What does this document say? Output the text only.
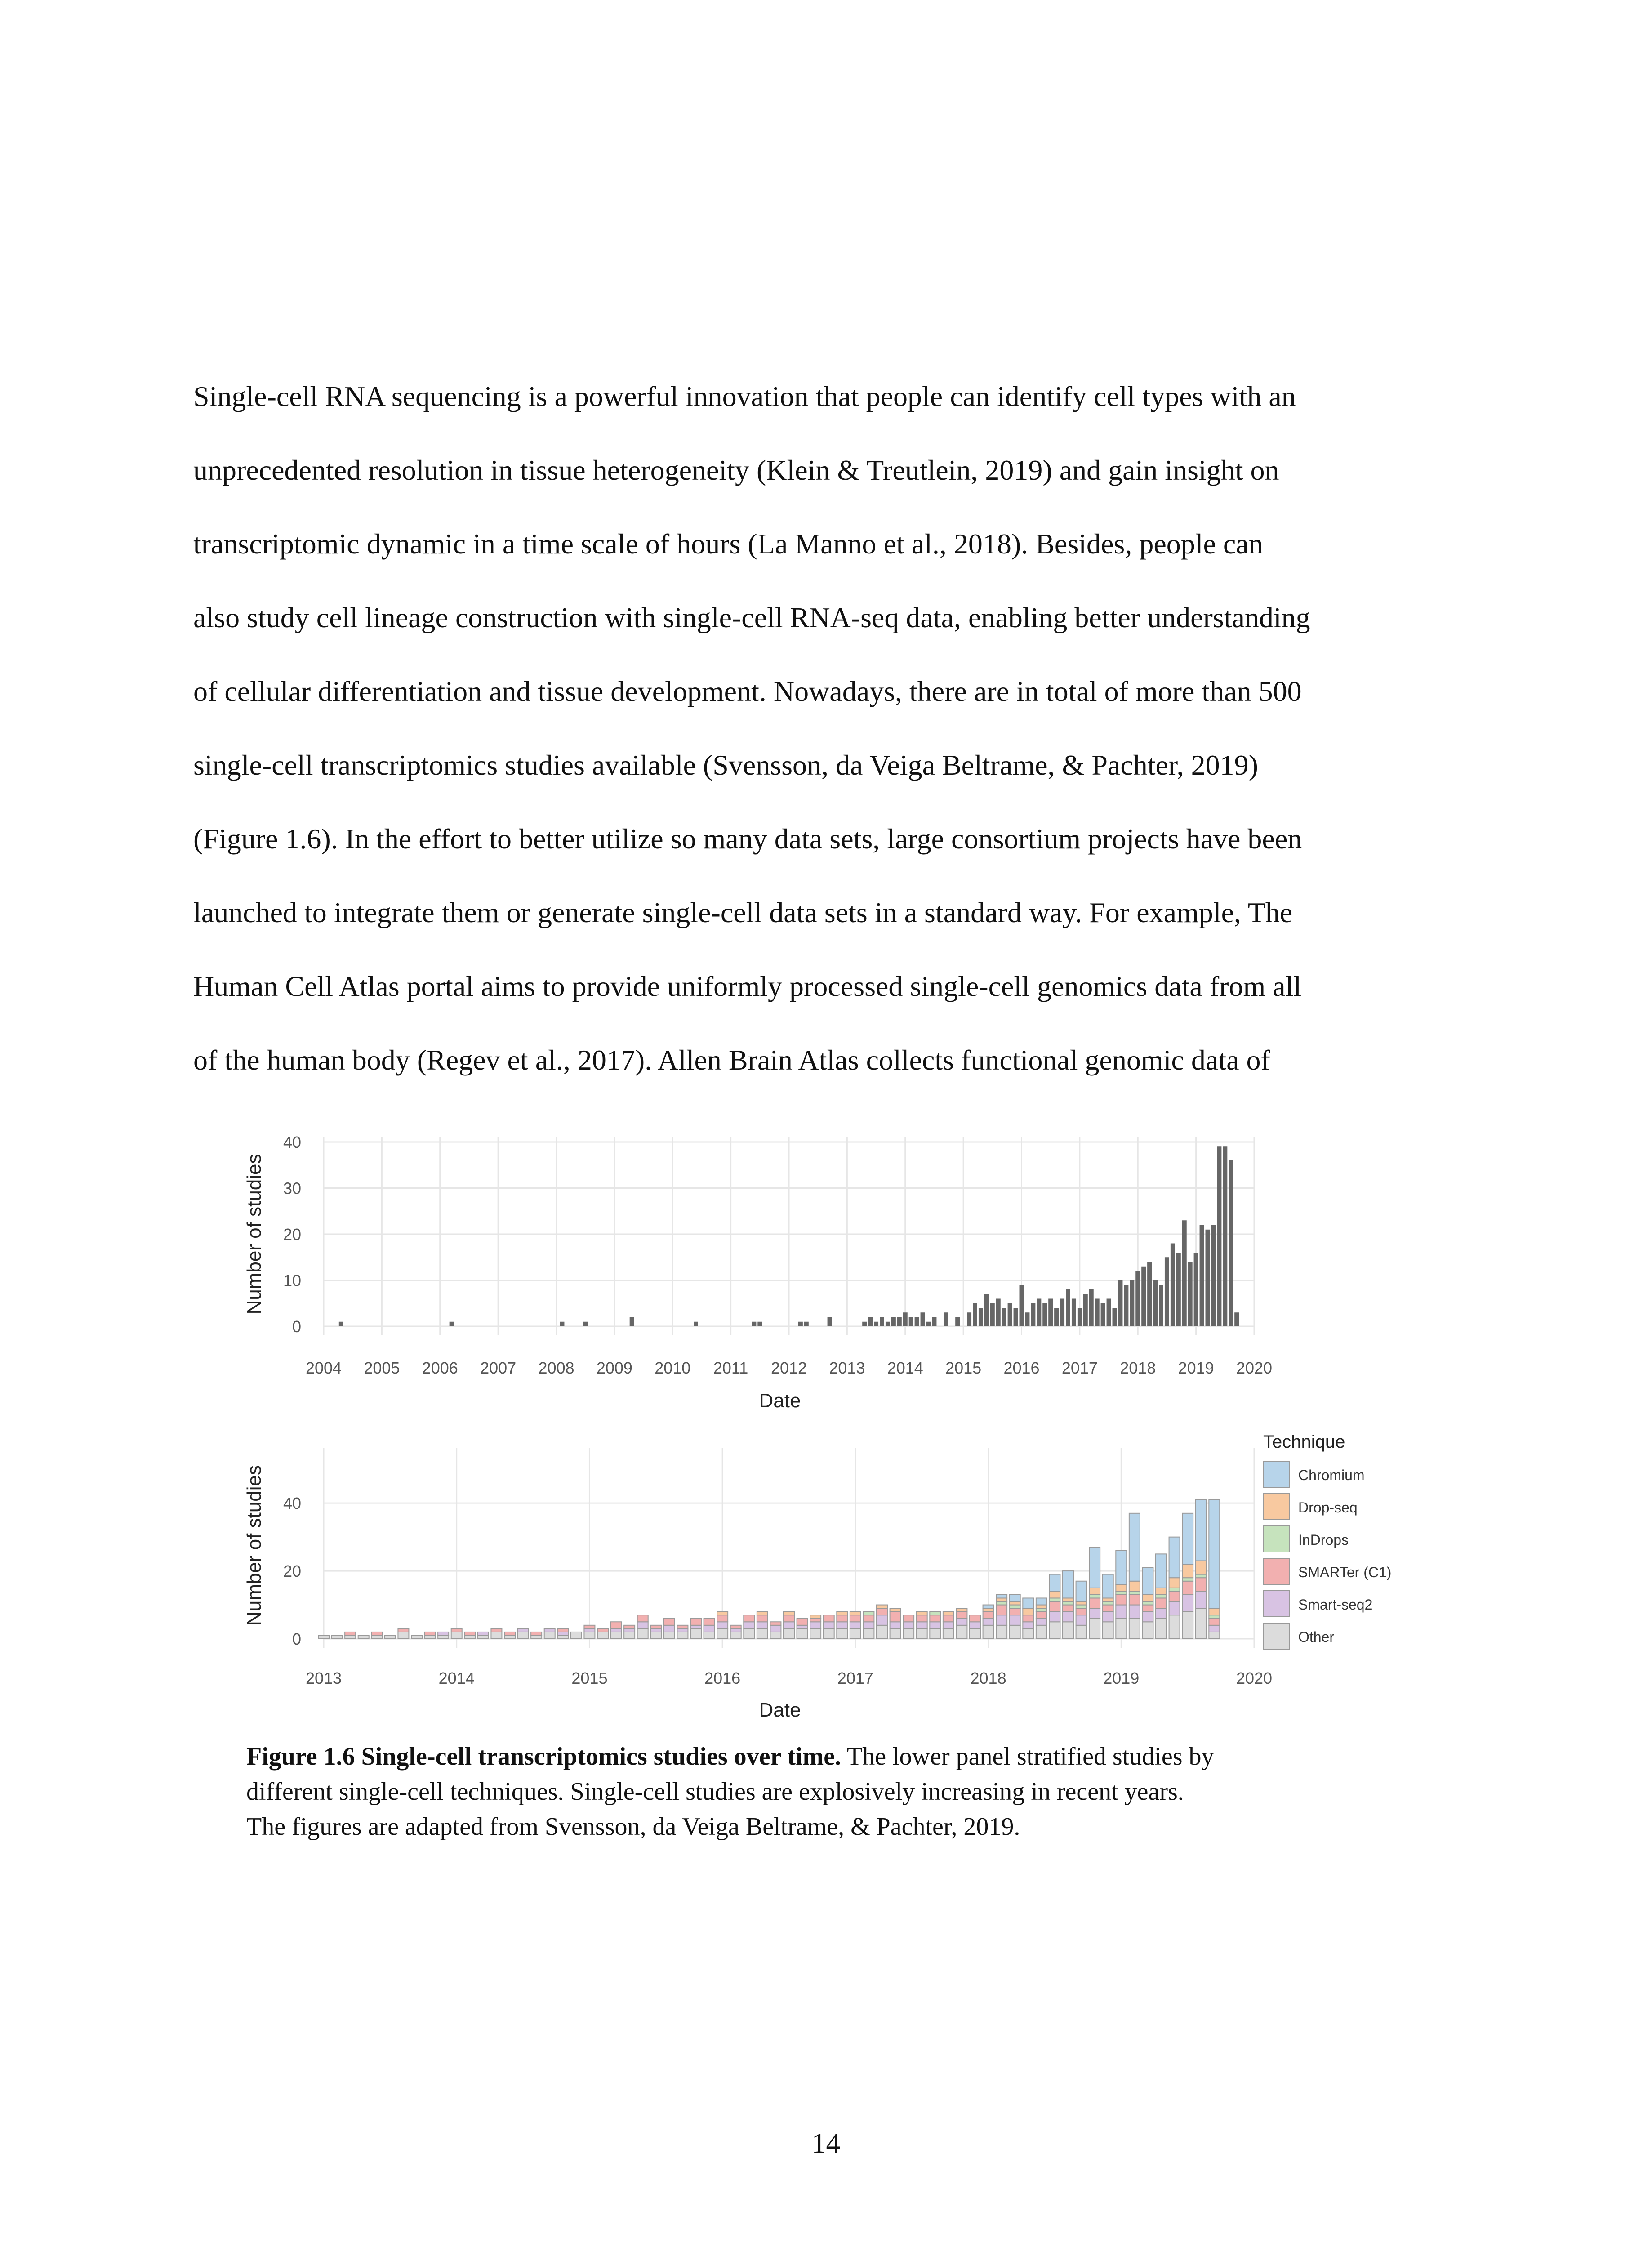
Single-cell RNA sequencing is a powerful innovation that people can identify cell types with an

unprecedented resolution in tissue heterogeneity (Klein & Treutlein, 2019) and gain insight on

transcriptomic dynamic in a time scale of hours (La Manno et al., 2018). Besides, people can

also study cell lineage construction with single-cell RNA-seq data, enabling better understanding

of cellular differentiation and tissue development. Nowadays, there are in total of more than 500

single-cell transcriptomics studies available (Svensson, da Veiga Beltrame, & Pachter, 2019)

(Figure 1.6). In the effort to better utilize so many data sets, large consortium projects have been

launched to integrate them or generate single-cell data sets in a standard way. For example, The

Human Cell Atlas portal aims to provide uniformly processed single-cell genomics data from all

of the human body (Regev et al., 2017). Allen Brain Atlas collects functional genomic data of

0
10
20
30
40
2004 2005 2006 2007 2008 2009 2010 2011 2012 2013 2014 2015 2016 2017 2018 2019 2020
Date
Number of studies
0
20
40
2013	2014	2015	2016	2017	2018	2019	2020
Date
Number of studies
Technique
Chromium
Drop-seq
InDrops
SMARTer (C1)
Smart-seq2
Other
Figure 1.6 Single-cell transcriptomics studies over time. The lower panel stratified studies by
different single-cell techniques. Single-cell studies are explosively increasing in recent years.
The figures are adapted from Svensson, da Veiga Beltrame, & Pachter, 2019.
14
